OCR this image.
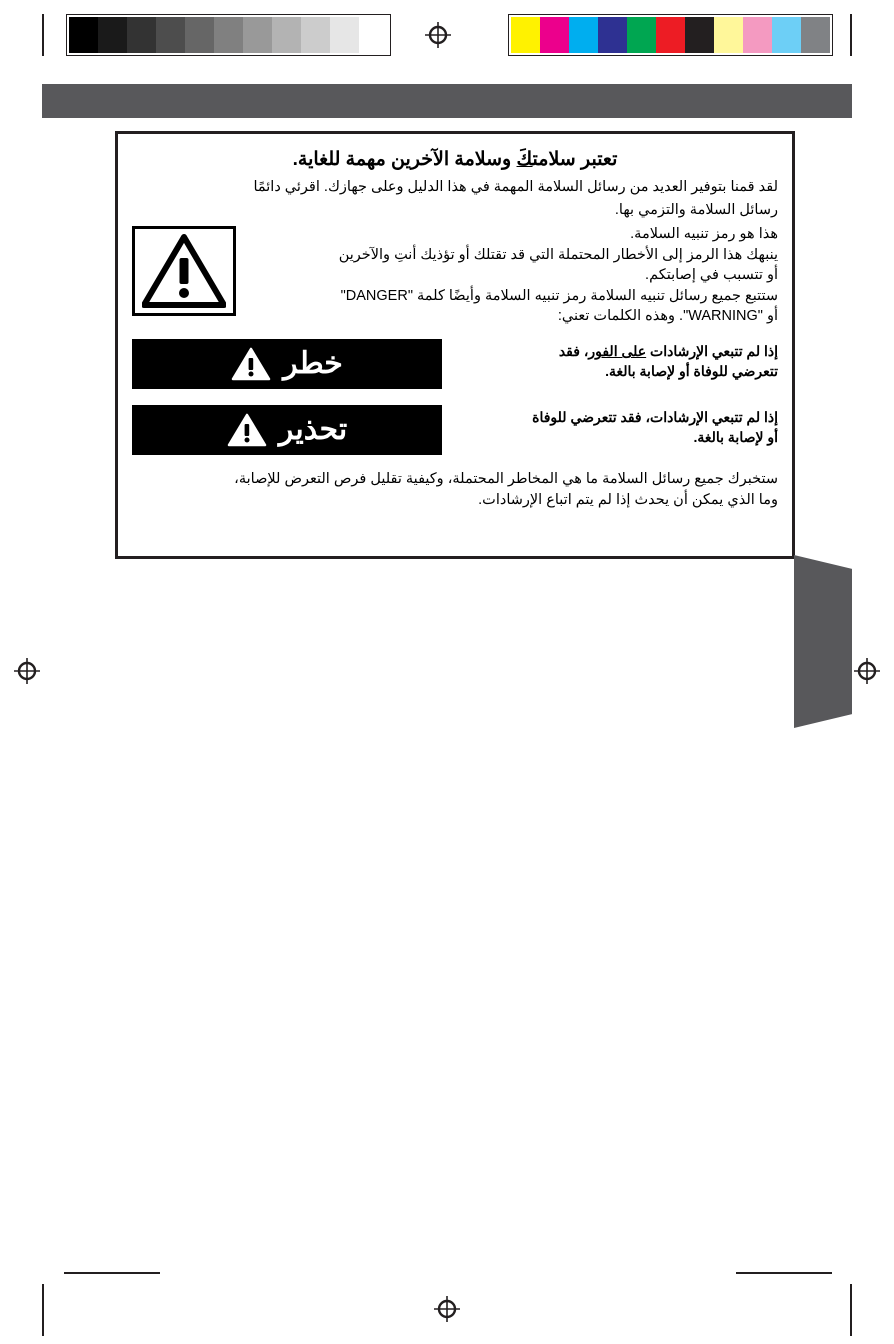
تعتبر سلامتكَ وسلامة الآخرين مهمة للغاية.
لقد قمنا بتوفير العديد من رسائل السلامة المهمة في هذا الدليل وعلى جهازك. اقرئي دائمًا
رسائل السلامة والتزمي بها.
هذا هو رمز تنبيه السلامة.
ينبهك هذا الرمز إلى الأخطار المحتملة التي قد تقتلك أو تؤذيك أنتِ والآخرين
أو تتسبب في إصابتكم.
ستتبع جميع رسائل تنبيه السلامة رمز تنبيه السلامة وأيضًا كلمة "DANGER"
أو "WARNING". وهذه الكلمات تعني:
خطر	إذا لم تتبعي الإرشادات على الفور، فقد
تتعرضي للوفاة أو لإصابة بالغة.
تحذير	إذا لم تتبعي الإرشادات، فقد تتعرضي للوفاة
أو لإصابة بالغة.
ستخبرك جميع رسائل السلامة ما هي المخاطر المحتملة، وكيفية تقليل فرص التعرض للإصابة،
وما الذي يمكن أن يحدث إذا لم يتم اتباع الإرشادات.
